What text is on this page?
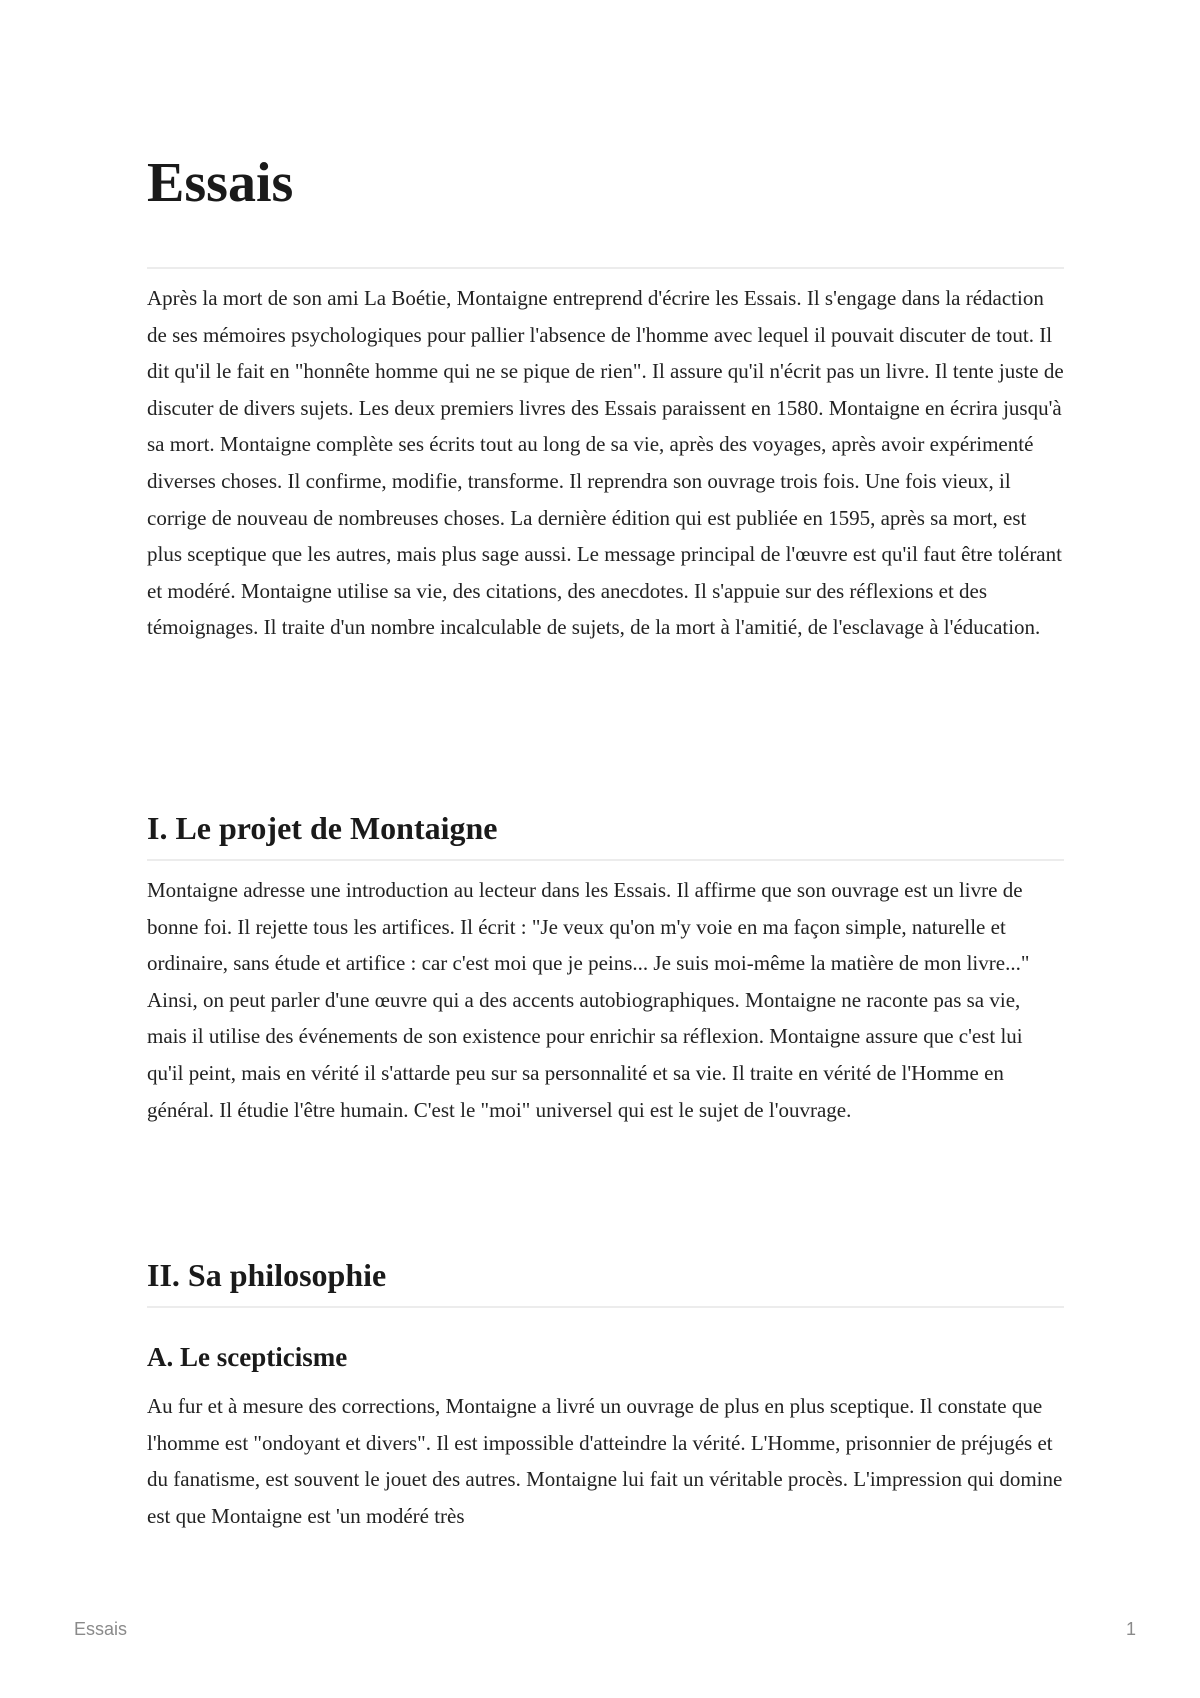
Essais

Après la mort de son ami La Boétie, Montaigne entreprend d'écrire les Essais. Il s'engage dans la rédaction de ses mémoires psychologiques pour pallier l'absence de l'homme avec lequel il pouvait discuter de tout. Il dit qu'il le fait en "honnête homme qui ne se pique de rien". Il assure qu'il n'écrit pas un livre. Il tente juste de discuter de divers sujets. Les deux premiers livres des Essais paraissent en 1580. Montaigne en écrira jusqu'à sa mort. Montaigne complète ses écrits tout au long de sa vie, après des voyages, après avoir expérimenté diverses choses. Il confirme, modifie, transforme. Il reprendra son ouvrage trois fois. Une fois vieux, il corrige de nouveau de nombreuses choses. La dernière édition qui est publiée en 1595, après sa mort, est plus sceptique que les autres, mais plus sage aussi. Le message principal de l'œuvre est qu'il faut être tolérant et modéré. Montaigne utilise sa vie, des citations, des anecdotes. Il s'appuie sur des réflexions et des témoignages. Il traite d'un nombre incalculable de sujets, de la mort à l'amitié, de l'esclavage à l'éducation.

I. Le projet de Montaigne

Montaigne adresse une introduction au lecteur dans les Essais. Il affirme que son ouvrage est un livre de bonne foi. Il rejette tous les artifices. Il écrit : "Je veux qu'on m'y voie en ma façon simple, naturelle et ordinaire, sans étude et artifice : car c'est moi que je peins... Je suis moi-même la matière de mon livre..." Ainsi, on peut parler d'une œuvre qui a des accents autobiographiques. Montaigne ne raconte pas sa vie, mais il utilise des événements de son existence pour enrichir sa réflexion. Montaigne assure que c'est lui qu'il peint, mais en vérité il s'attarde peu sur sa personnalité et sa vie. Il traite en vérité de l'Homme en général. Il étudie l'être humain. C'est le "moi" universel qui est le sujet de l'ouvrage.

II. Sa philosophie
A. Le scepticisme

Au fur et à mesure des corrections, Montaigne a livré un ouvrage de plus en plus sceptique. Il constate que l'homme est "ondoyant et divers". Il est impossible d'atteindre la vérité. L'Homme, prisonnier de préjugés et du fanatisme, est souvent le jouet des autres. Montaigne lui fait un véritable procès. L'impression qui domine est que Montaigne est 'un modéré très

Essais	1
